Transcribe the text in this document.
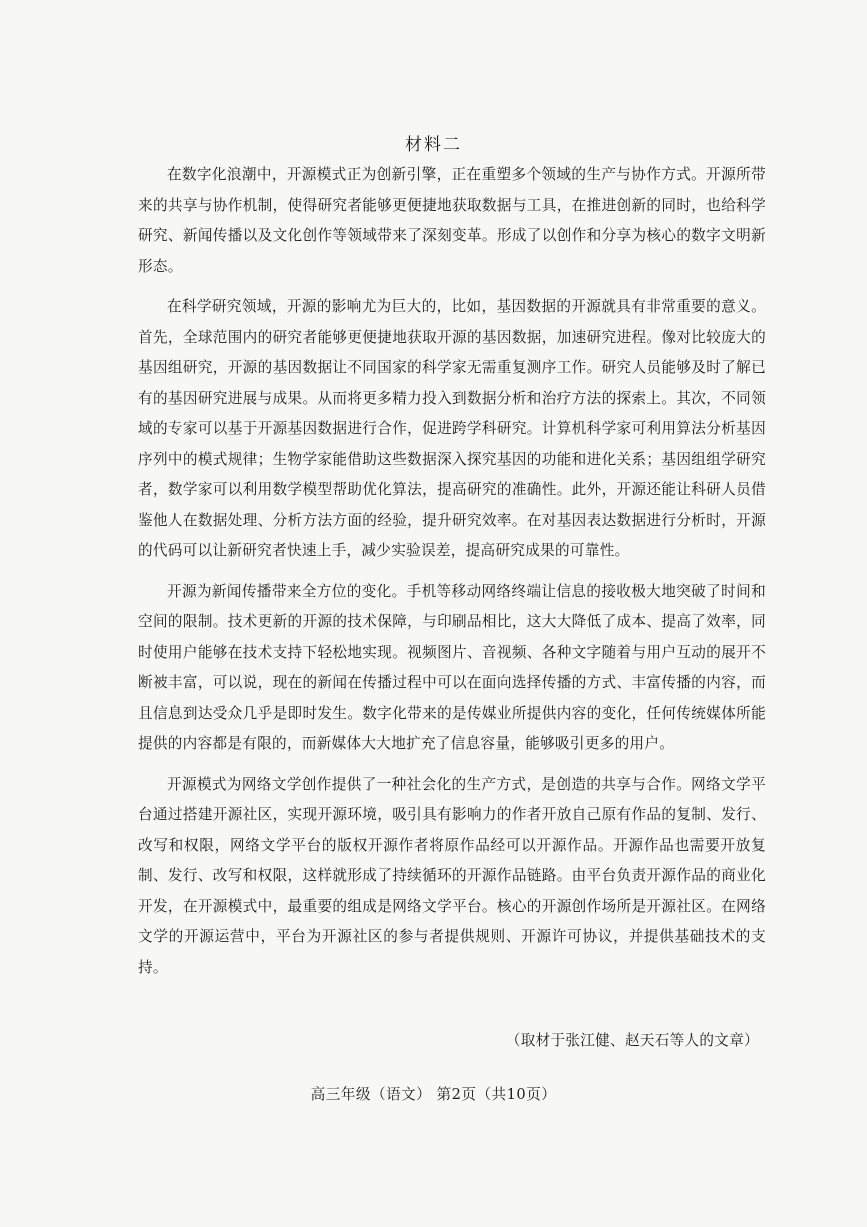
材料二

在数字化浪潮中，开源模式正为创新引擎，正在重塑多个领域的生产与协作方式。开源所带来的共享与协作机制，使得研究者能够更便捷地获取数据与工具，在推进创新的同时，也给科学研究、新闻传播以及文化创作等领域带来了深刻变革。形成了以创作和分享为核心的数字文明新形态。

在科学研究领域，开源的影响尤为巨大的，比如，基因数据的开源就具有非常重要的意义。首先，全球范围内的研究者能够更便捷地获取开源的基因数据，加速研究进程。像对比较庞大的基因组研究，开源的基因数据让不同国家的科学家无需重复测序工作。研究人员能够及时了解已有的基因研究进展与成果。从而将更多精力投入到数据分析和治疗方法的探索上。其次，不同领域的专家可以基于开源基因数据进行合作，促进跨学科研究。计算机科学家可利用算法分析基因序列中的模式规律；生物学家能借助这些数据深入探究基因的功能和进化关系；基因组组学研究者，数学家可以利用数学模型帮助优化算法，提高研究的准确性。此外，开源还能让科研人员借鉴他人在数据处理、分析方法方面的经验，提升研究效率。在对基因表达数据进行分析时，开源的代码可以让新研究者快速上手，减少实验误差，提高研究成果的可靠性。

开源为新闻传播带来全方位的变化。手机等移动网络终端让信息的接收极大地突破了时间和空间的限制。技术更新的开源的技术保障，与印刷品相比，这大大降低了成本、提高了效率，同时使用户能够在技术支持下轻松地实现。视频图片、音视频、各种文字随着与用户互动的展开不断被丰富，可以说，现在的新闻在传播过程中可以在面向选择传播的方式、丰富传播的内容，而且信息到达受众几乎是即时发生。数字化带来的是传媒业所提供内容的变化，任何传统媒体所能提供的内容都是有限的，而新媒体大大地扩充了信息容量，能够吸引更多的用户。

开源模式为网络文学创作提供了一种社会化的生产方式，是创造的共享与合作。网络文学平台通过搭建开源社区，实现开源环境，吸引具有影响力的作者开放自己原有作品的复制、发行、改写和权限，网络文学平台的版权开源作者将原作品经可以开源作品。开源作品也需要开放复制、发行、改写和权限，这样就形成了持续循环的开源作品链路。由平台负责开源作品的商业化开发，在开源模式中，最重要的组成是网络文学平台。核心的开源创作场所是开源社区。在网络文学的开源运营中，平台为开源社区的参与者提供规则、开源许可协议，并提供基础技术的支持。

（取材于张江健、赵天石等人的文章）
高三年级（语文） 第2页（共10页）
